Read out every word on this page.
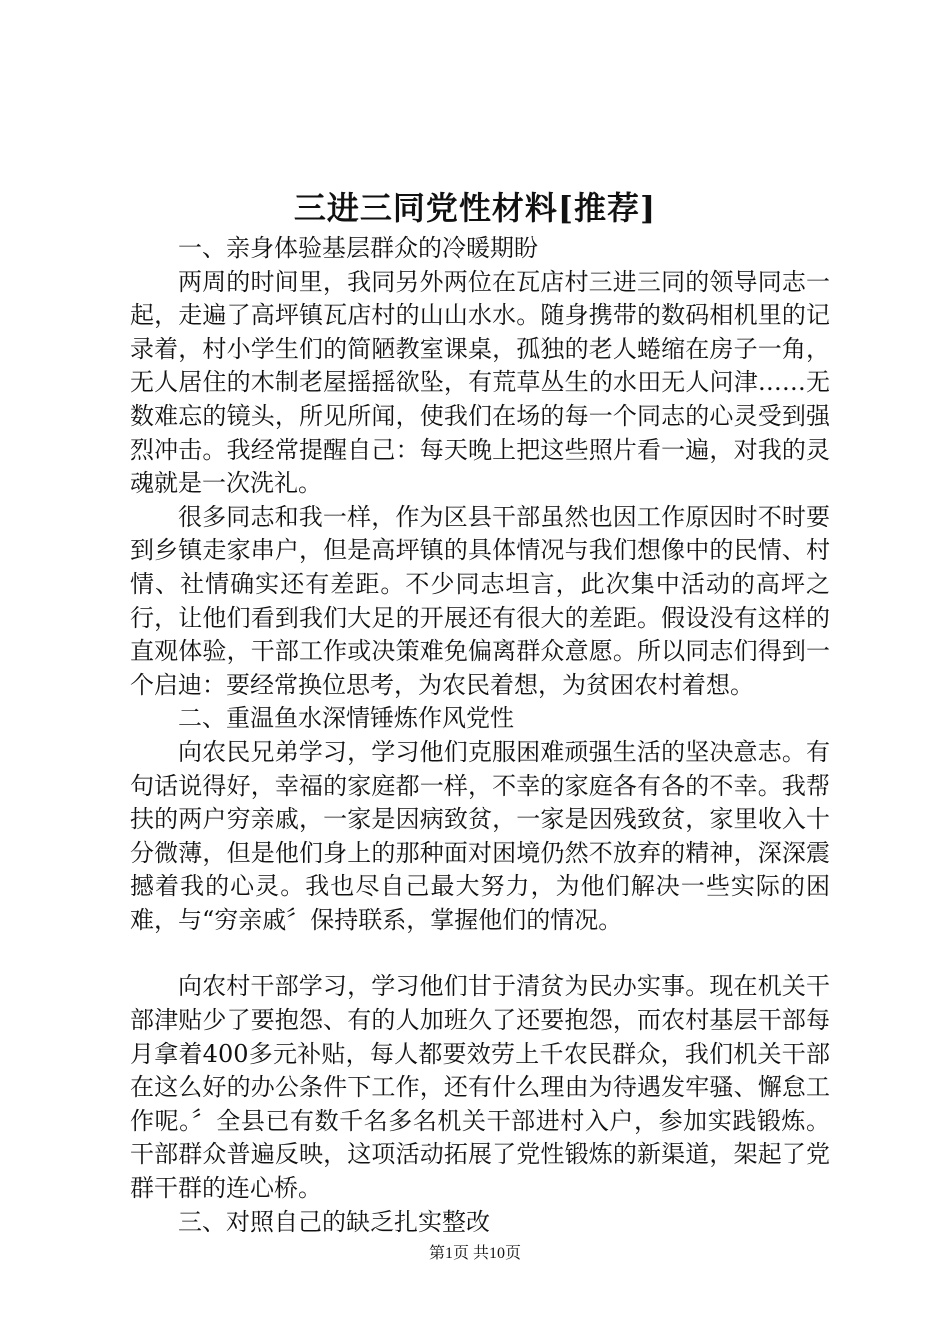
三进三同党性材料[推荐]

一、亲身体验基层群众的冷暖期盼

两周的时间里，我同另外两位在瓦店村三进三同的领导同志一起，走遍了高坪镇瓦店村的山山水水。随身携带的数码相机里的记录着，村小学生们的简陋教室课桌，孤独的老人蜷缩在房子一角，无人居住的木制老屋摇摇欲坠，有荒草丛生的水田无人问津……无数难忘的镜头，所见所闻，使我们在场的每一个同志的心灵受到强烈冲击。我经常提醒自己：每天晚上把这些照片看一遍，对我的灵魂就是一次洗礼。

很多同志和我一样，作为区县干部虽然也因工作原因时不时要到乡镇走家串户，但是高坪镇的具体情况与我们想像中的民情、村情、社情确实还有差距。不少同志坦言，此次集中活动的高坪之行，让他们看到我们大足的开展还有很大的差距。假设没有这样的直观体验，干部工作或决策难免偏离群众意愿。所以同志们得到一个启迪：要经常换位思考，为农民着想，为贫困农村着想。

二、重温鱼水深情锤炼作风党性

向农民兄弟学习，学习他们克服困难顽强生活的坚决意志。有句话说得好，幸福的家庭都一样，不幸的家庭各有各的不幸。我帮扶的两户穷亲戚，一家是因病致贫，一家是因残致贫，家里收入十分微薄，但是他们身上的那种面对困境仍然不放弃的精神，深深震撼着我的心灵。我也尽自己最大努力，为他们解决一些实际的困难，与“穷亲戚〞保持联系，掌握他们的情况。

向农村干部学习，学习他们甘于清贫为民办实事。现在机关干部津贴少了要抱怨、有的人加班久了还要抱怨，而农村基层干部每月拿着400多元补贴，每人都要效劳上千农民群众，我们机关干部在这么好的办公条件下工作，还有什么理由为待遇发牢骚、懈怠工作呢。〞全县已有数千名多名机关干部进村入户，参加实践锻炼。干部群众普遍反映，这项活动拓展了党性锻炼的新渠道，架起了党群干群的连心桥。

三、对照自己的缺乏扎实整改

第1页 共10页
